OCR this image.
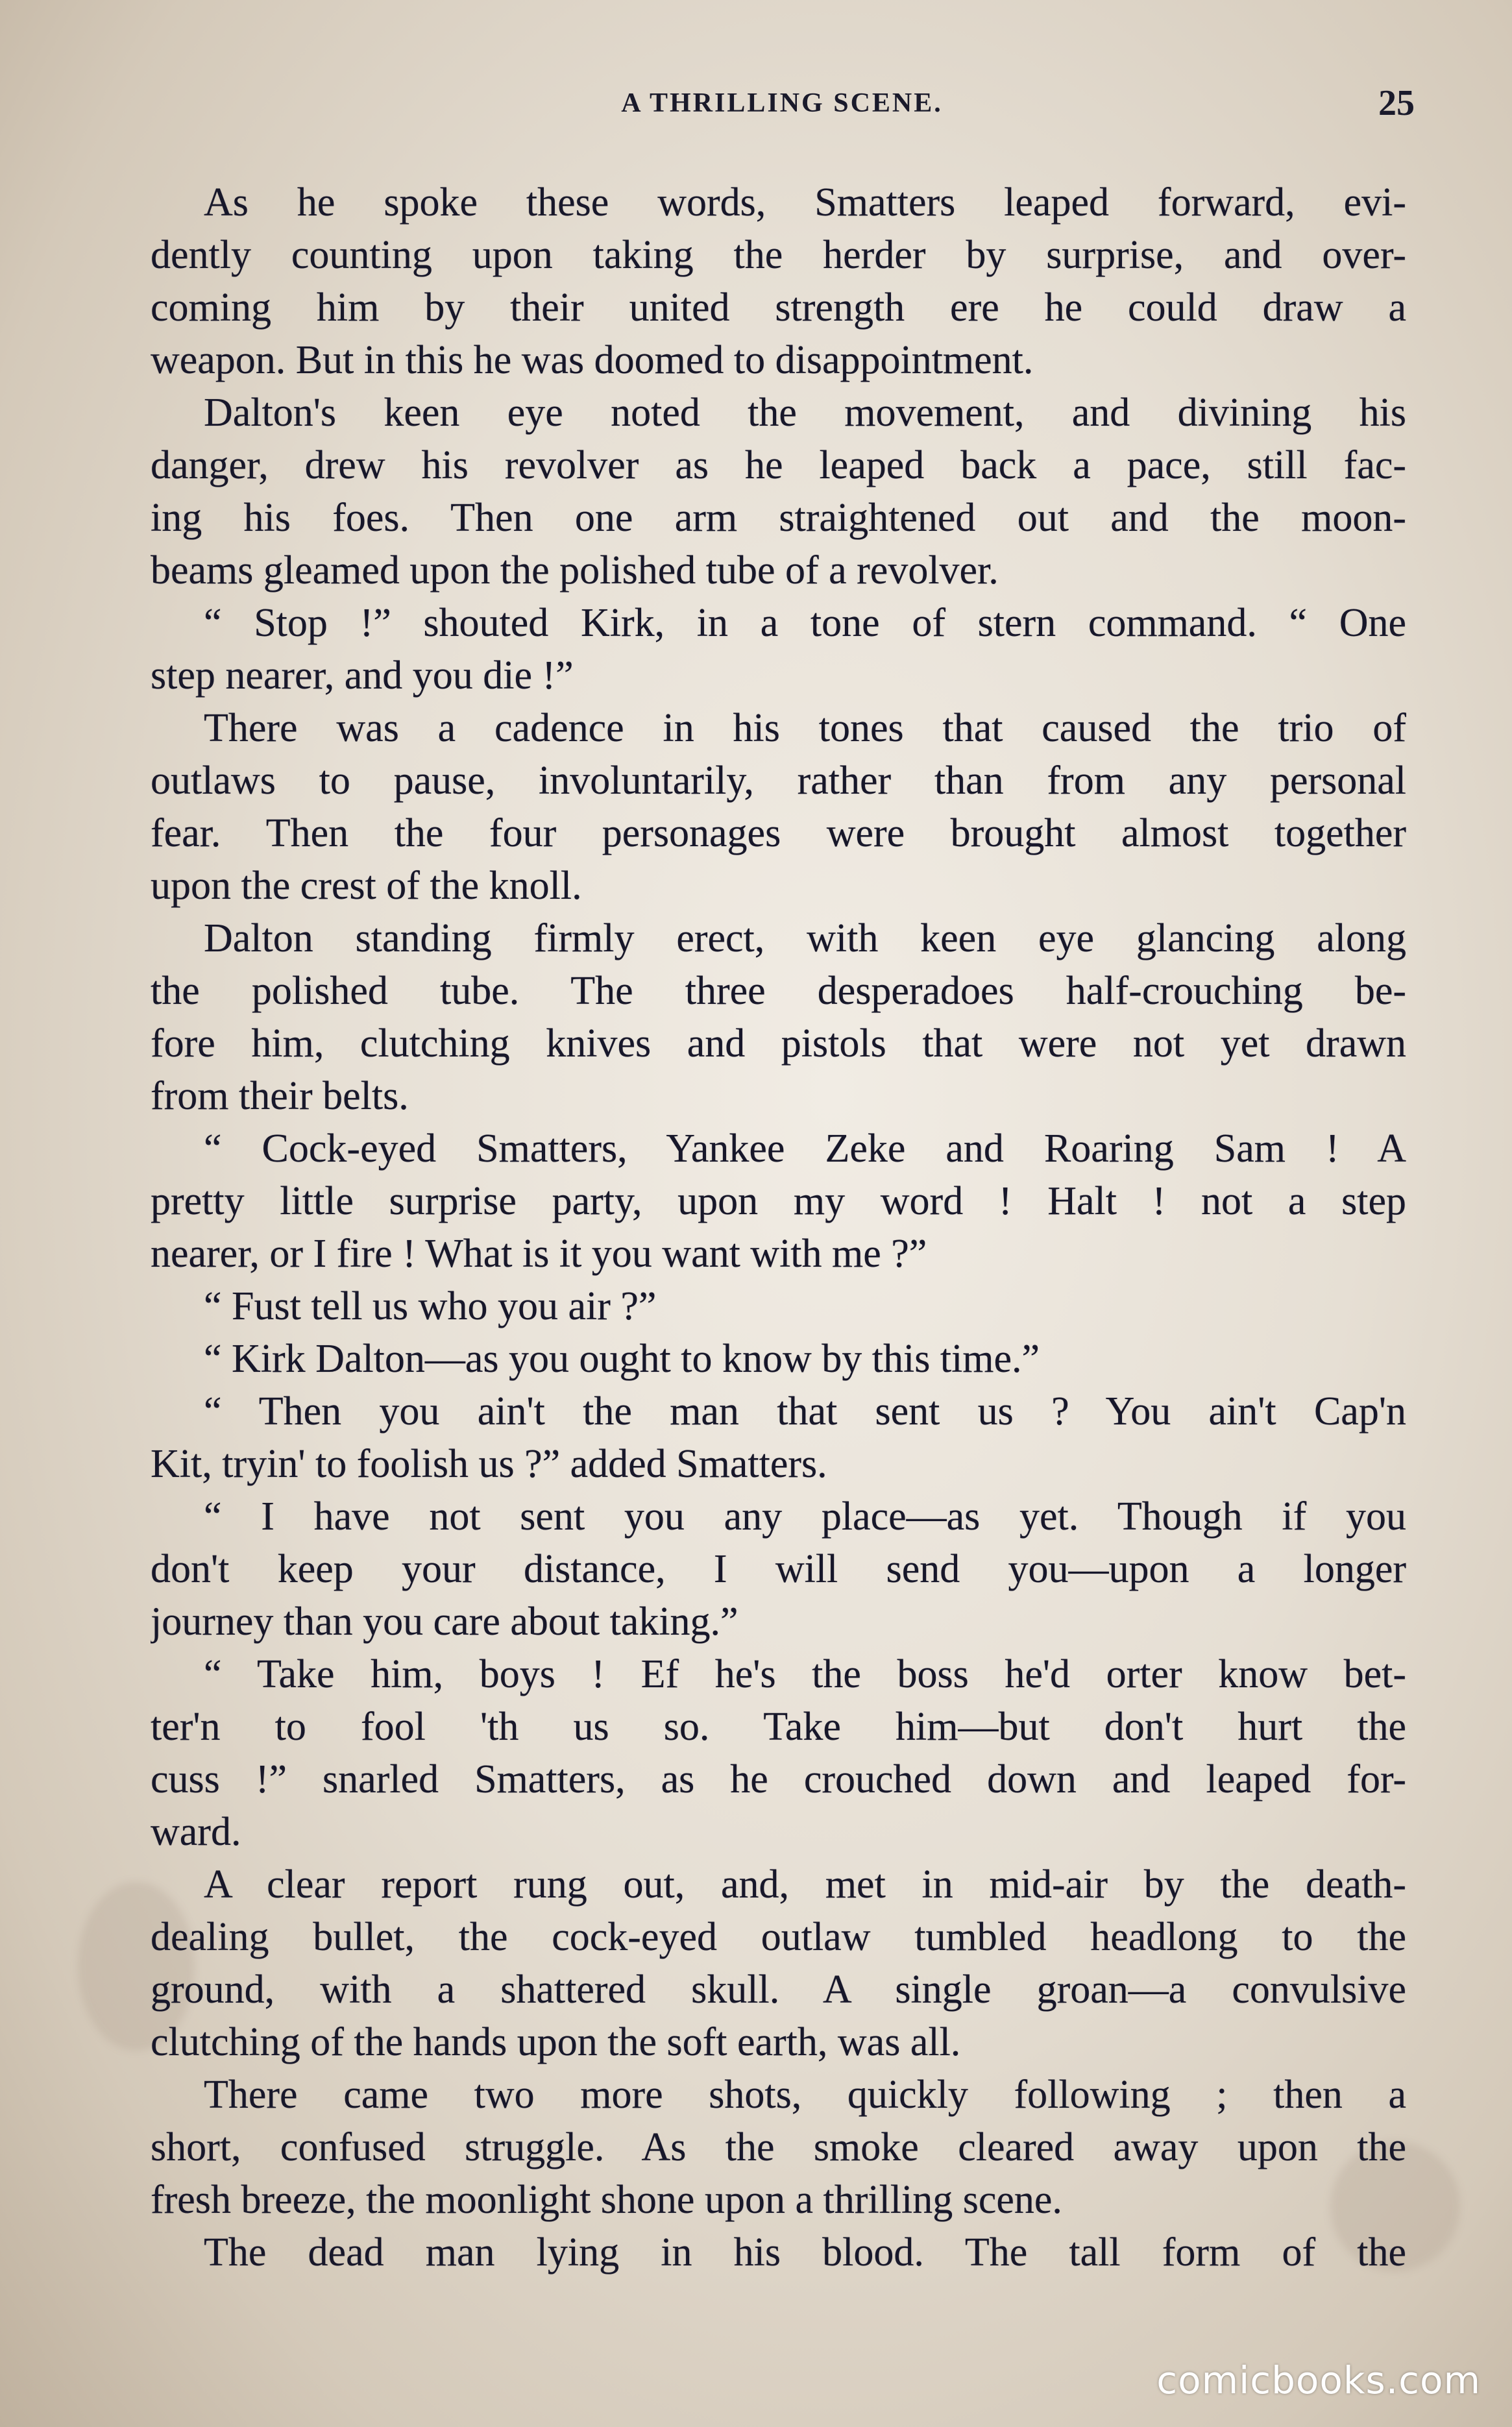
A THRILLING SCENE.	25
As he spoke these words, Smatters leaped forward, evi-
dently counting upon taking the herder by surprise, and over-
coming him by their united strength ere he could draw a
weapon. But in this he was doomed to disappointment.
Dalton's keen eye noted the movement, and divining his
danger, drew his revolver as he leaped back a pace, still fac-
ing his foes. Then one arm straightened out and the moon-
beams gleamed upon the polished tube of a revolver.
“ Stop !” shouted Kirk, in a tone of stern command. “ One
step nearer, and you die !”
There was a cadence in his tones that caused the trio of
outlaws to pause, involuntarily, rather than from any personal
fear. Then the four personages were brought almost together
upon the crest of the knoll.
Dalton standing firmly erect, with keen eye glancing along
the polished tube. The three desperadoes half-crouching be-
fore him, clutching knives and pistols that were not yet drawn
from their belts.
“ Cock-eyed Smatters, Yankee Zeke and Roaring Sam ! A
pretty little surprise party, upon my word ! Halt ! not a step
nearer, or I fire ! What is it you want with me ?”
“ Fust tell us who you air ?”
“ Kirk Dalton—as you ought to know by this time.”
“ Then you ain't the man that sent us ? You ain't Cap'n
Kit, tryin' to foolish us ?” added Smatters.
“ I have not sent you any place—as yet. Though if you
don't keep your distance, I will send you—upon a longer
journey than you care about taking.”
“ Take him, boys ! Ef he's the boss he'd orter know bet-
ter'n to fool 'th us so. Take him—but don't hurt the
cuss !” snarled Smatters, as he crouched down and leaped for-
ward.
A clear report rung out, and, met in mid-air by the death-
dealing bullet, the cock-eyed outlaw tumbled headlong to the
ground, with a shattered skull. A single groan—a convulsive
clutching of the hands upon the soft earth, was all.
There came two more shots, quickly following ; then a
short, confused struggle. As the smoke cleared away upon the
fresh breeze, the moonlight shone upon a thrilling scene.
The dead man lying in his blood. The tall form of the
comicbooks.com
